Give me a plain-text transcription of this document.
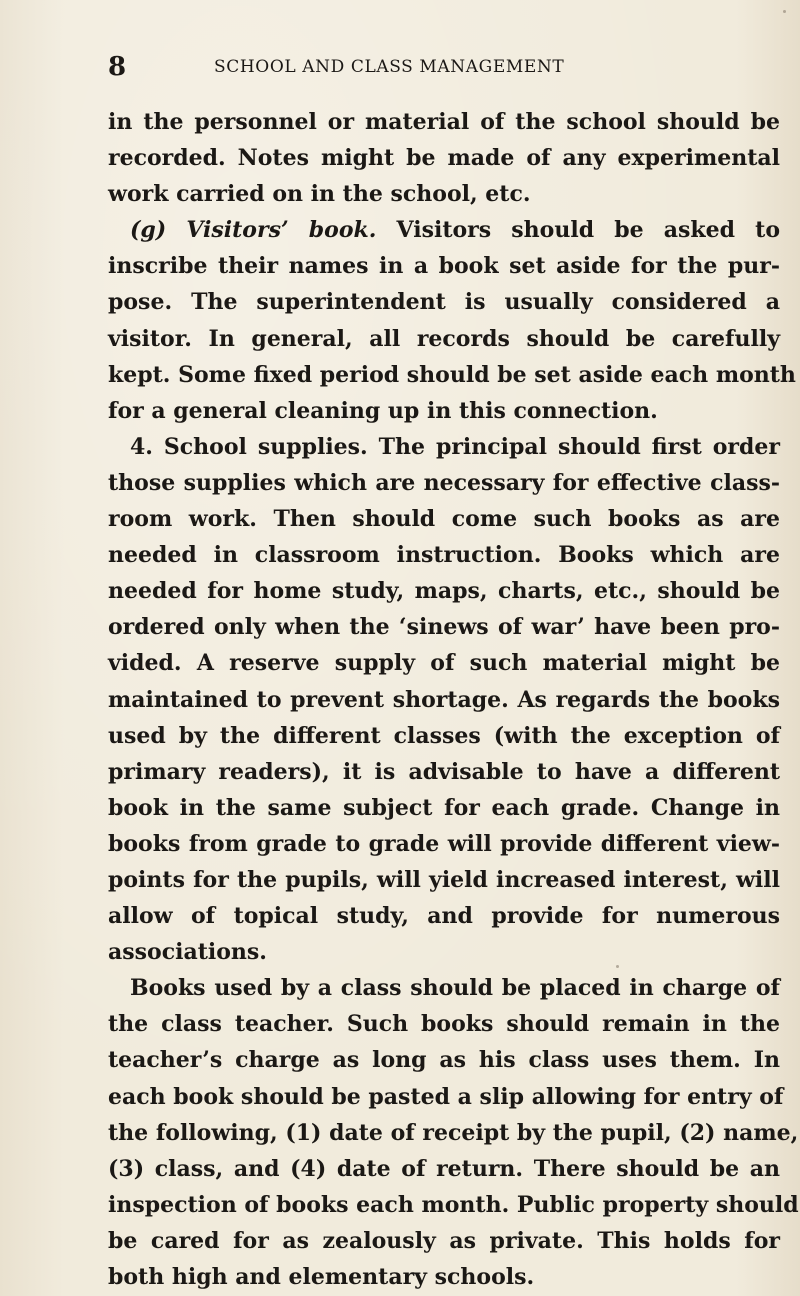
8	SCHOOL AND CLASS MANAGEMENT
in the personnel or material of the school should be
recorded. Notes might be made of any experimental
work carried on in the school, etc.
(g) Visitors’ book. Visitors should be asked to
inscribe their names in a book set aside for the pur-
pose. The superintendent is usually considered a
visitor. In general, all records should be carefully
kept. Some fixed period should be set aside each month
for a general cleaning up in this connection.
4. School supplies. The principal should first order
those supplies which are necessary for effective class-
room work. Then should come such books as are
needed in classroom instruction. Books which are
needed for home study, maps, charts, etc., should be
ordered only when the ‘sinews of war’ have been pro-
vided. A reserve supply of such material might be
maintained to prevent shortage. As regards the books
used by the different classes (with the exception of
primary readers), it is advisable to have a different
book in the same subject for each grade. Change in
books from grade to grade will provide different view-
points for the pupils, will yield increased interest, will
allow of topical study, and provide for numerous
associations.
Books used by a class should be placed in charge of
the class teacher. Such books should remain in the
teacher’s charge as long as his class uses them. In
each book should be pasted a slip allowing for entry of
the following, (1) date of receipt by the pupil, (2) name,
(3) class, and (4) date of return. There should be an
inspection of books each month. Public property should
be cared for as zealously as private. This holds for
both high and elementary schools.
